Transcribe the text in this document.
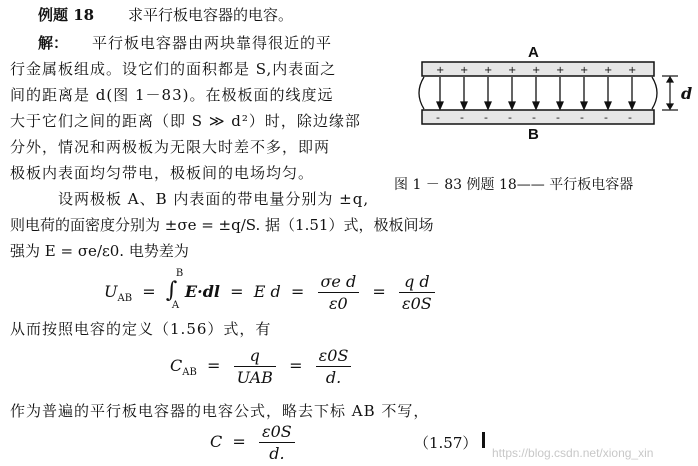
例题 18 求平行板电容器的电容。
解： 平行板电容器由两块靠得很近的平
行金属板组成。设它们的面积都是 S,内表面之
间的距离是 d(图 1－83)。在极板面的线度远
大于它们之间的距离（即 S ≫ d²）时，除边缘部
分外，情况和两极板为无限大时差不多，即两
极板内表面均匀带电，极板间的电场均匀。
设两极板 A、B 内表面的带电量分别为 ±q,
则电荷的面密度分别为 ±σe = ±q/S. 据（1.51）式，极板间场
强为 E = σe/ε0. 电势差为
+ + + + + + + + +
- - - - - - - - -
A
B
d
图 1 － 83 例题 18—— 平行板电容器
$U_{AB}$  =  ∫
B
A
E·dl  =  E $d = \frac{\text{σe d}}{\varepsilon 0} = \frac{\text{q d}}{\varepsilon 0S}$
从而按照电容的定义（1.56）式，有
$C_{AB} = \frac{q}{\text{UAB}} = \frac{\varepsilon 0S}{d.}$
作为普遍的平行板电容器的电容公式，略去下标 AB 不写，
$C = \frac{\varepsilon 0S}{d.}$	（1.57）
https://blog.csdn.net/xiong_xin
